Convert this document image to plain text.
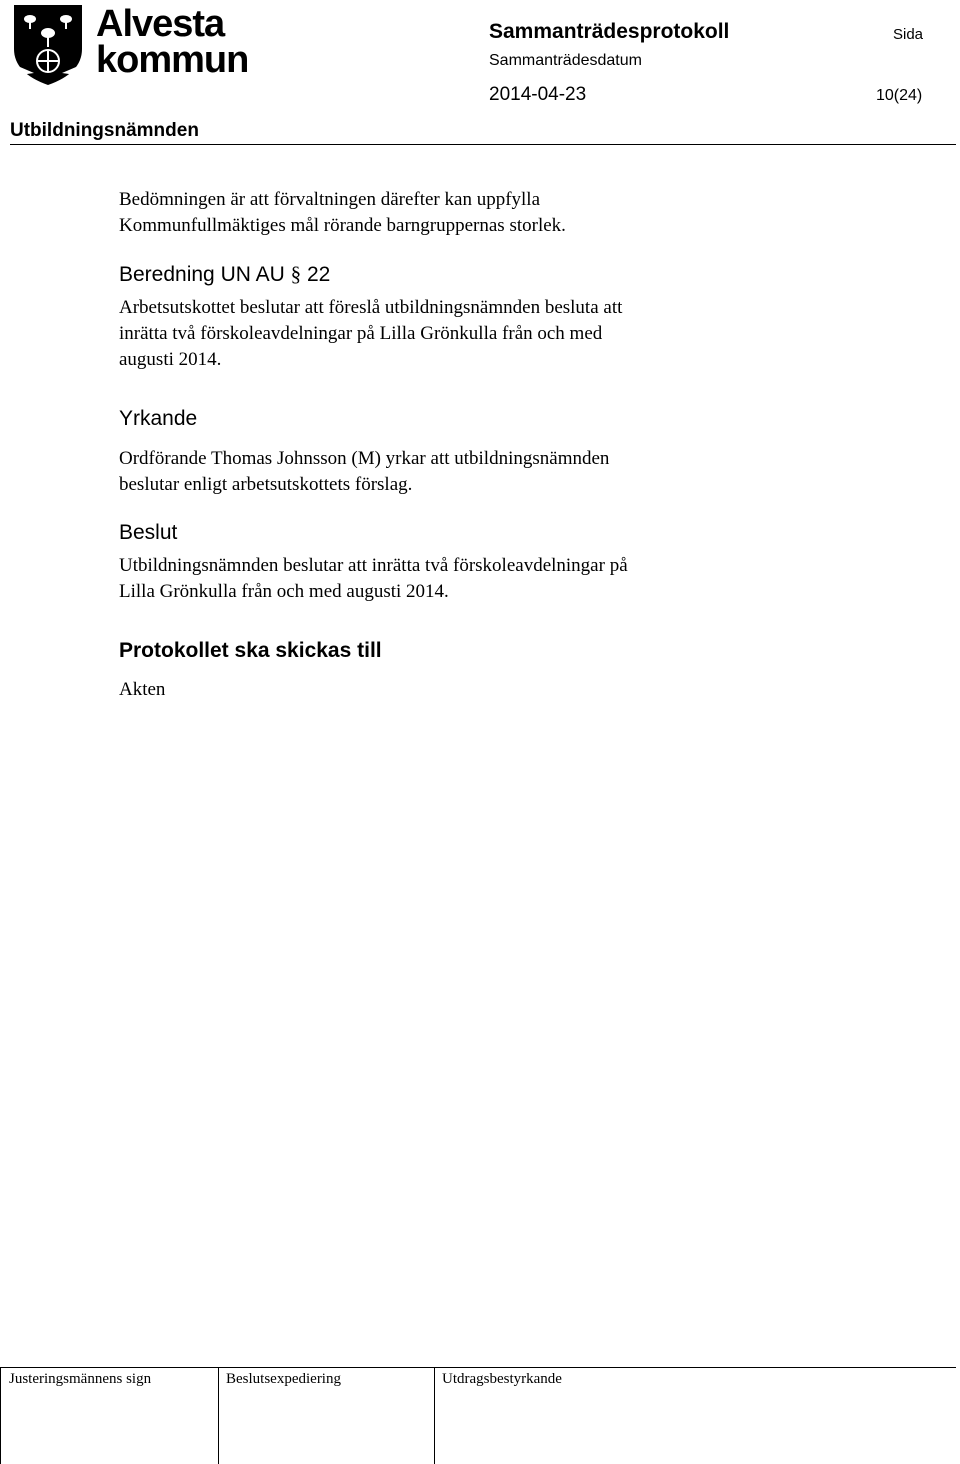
Alvesta
kommun
Sammanträdesprotokoll	Sida
Sammanträdesdatum
2014-04-23	10(24)
Utbildningsnämnden
Bedömningen är att förvaltningen därefter kan uppfylla
Kommunfullmäktiges mål rörande barngruppernas storlek.
Beredning UN AU § 22
Arbetsutskottet beslutar att föreslå utbildningsnämnden besluta att
inrätta två förskoleavdelningar på Lilla Grönkulla från och med
augusti 2014.
Yrkande
Ordförande Thomas Johnsson (M) yrkar att utbildningsnämnden
beslutar enligt arbetsutskottets förslag.
Beslut
Utbildningsnämnden beslutar att inrätta två förskoleavdelningar på
Lilla Grönkulla från och med augusti 2014.
Protokollet ska skickas till
Akten
Justeringsmännens sign	Beslutsexpediering	Utdragsbestyrkande
